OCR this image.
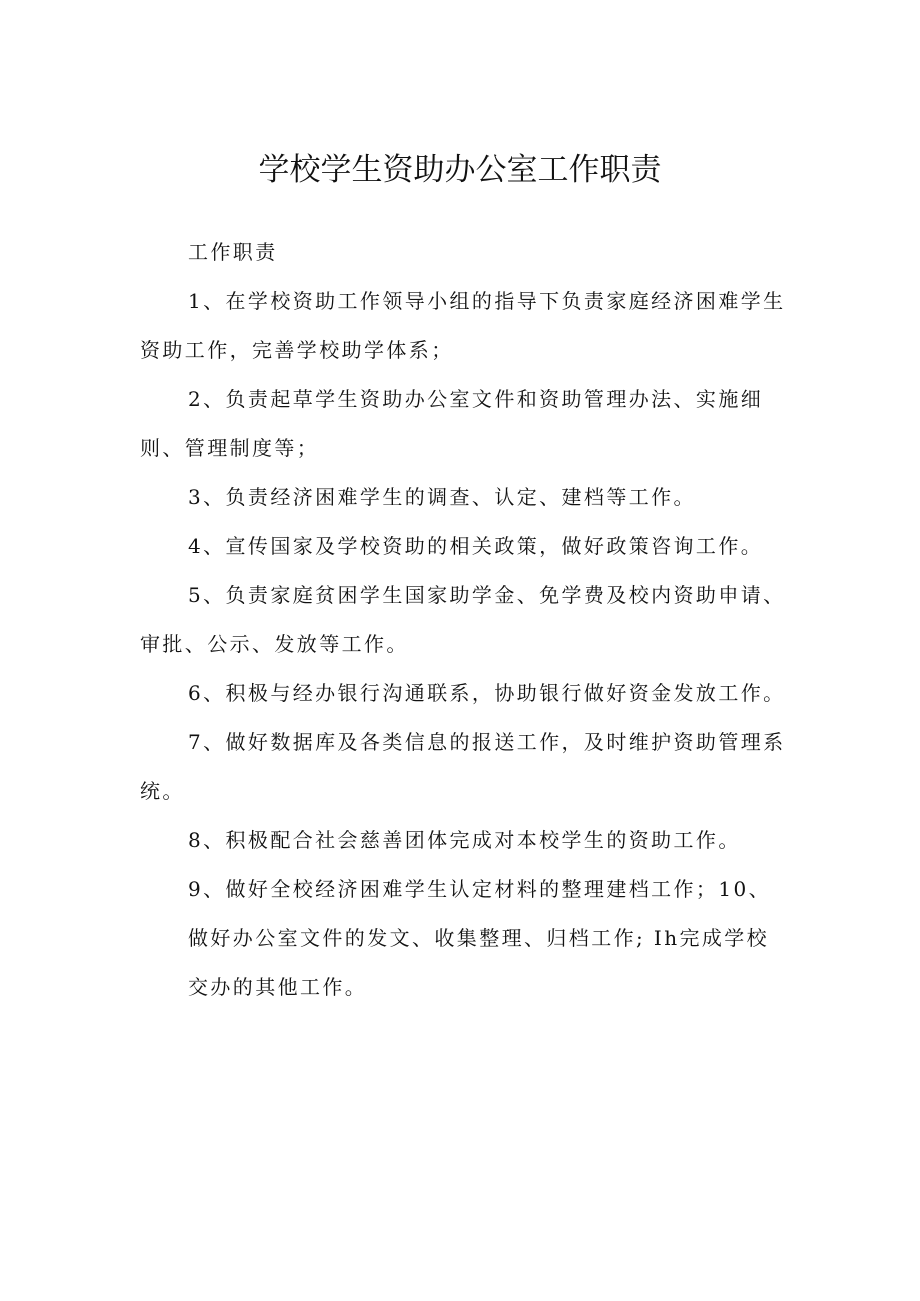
学校学生资助办公室工作职责

工作职责

1、在学校资助工作领导小组的指导下负责家庭经济困难学生资助工作，完善学校助学体系；

2、负责起草学生资助办公室文件和资助管理办法、实施细则、管理制度等；

3、负责经济困难学生的调查、认定、建档等工作。

4、宣传国家及学校资助的相关政策，做好政策咨询工作。

5、负责家庭贫困学生国家助学金、免学费及校内资助申请、审批、公示、发放等工作。

6、积极与经办银行沟通联系，协助银行做好资金发放工作。

7、做好数据库及各类信息的报送工作，及时维护资助管理系统。

8、积极配合社会慈善团体完成对本校学生的资助工作。

9、做好全校经济困难学生认定材料的整理建档工作；10、

做好办公室文件的发文、收集整理、归档工作; Ih完成学校

交办的其他工作。
